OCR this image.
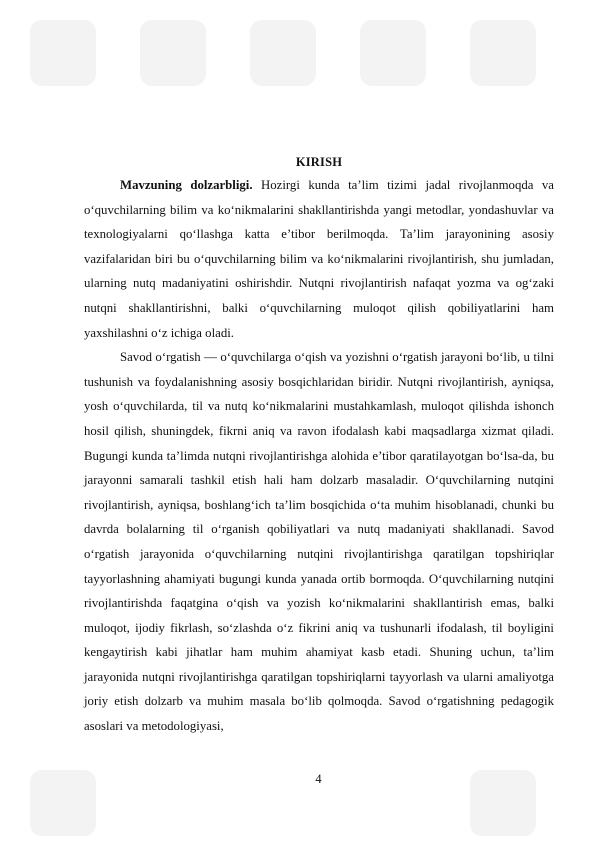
KIRISH

Mavzuning dolzarbligi. Hozirgi kunda ta’lim tizimi jadal rivojlanmoqda va o‘quvchilarning bilim va ko‘nikmalarini shakllantirishda yangi metodlar, yondashuvlar va texnologiyalarni qo‘llashga katta e’tibor berilmoqda. Ta’lim jarayonining asosiy vazifalaridan biri bu o‘quvchilarning bilim va ko‘nikmalarini rivojlantirish, shu jumladan, ularning nutq madaniyatini oshirishdir. Nutqni rivojlantirish nafaqat yozma va og‘zaki nutqni shakllantirishni, balki o‘quvchilarning muloqot qilish qobiliyatlarini ham yaxshilashni o‘z ichiga oladi.

Savod o‘rgatish — o‘quvchilarga o‘qish va yozishni o‘rgatish jarayoni bo‘lib, u tilni tushunish va foydalanishning asosiy bosqichlaridan biridir. Nutqni rivojlantirish, ayniqsa, yosh o‘quvchilarda, til va nutq ko‘nikmalarini mustahkamlash, muloqot qilishda ishonch hosil qilish, shuningdek, fikrni aniq va ravon ifodalash kabi maqsadlarga xizmat qiladi. Bugungi kunda ta’limda nutqni rivojlantirishga alohida e’tibor qaratilayotgan bo‘lsa-da, bu jarayonni samarali tashkil etish hali ham dolzarb masaladir. O‘quvchilarning nutqini rivojlantirish, ayniqsa, boshlang‘ich ta’lim bosqichida o‘ta muhim hisoblanadi, chunki bu davrda bolalarning til o‘rganish qobiliyatlari va nutq madaniyati shakllanadi. Savod o‘rgatish jarayonida o‘quvchilarning nutqini rivojlantirishga qaratilgan topshiriqlar tayyorlashning ahamiyati bugungi kunda yanada ortib bormoqda. O‘quvchilarning nutqini rivojlantirishda faqatgina o‘qish va yozish ko‘nikmalarini shakllantirish emas, balki muloqot, ijodiy fikrlash, so‘zlashda o‘z fikrini aniq va tushunarli ifodalash, til boyligini kengaytirish kabi jihatlar ham muhim ahamiyat kasb etadi. Shuning uchun, ta’lim jarayonida nutqni rivojlantirishga qaratilgan topshiriqlarni tayyorlash va ularni amaliyotga joriy etish dolzarb va muhim masala bo‘lib qolmoqda. Savod o‘rgatishning pedagogik asoslari va metodologiyasi,

4
